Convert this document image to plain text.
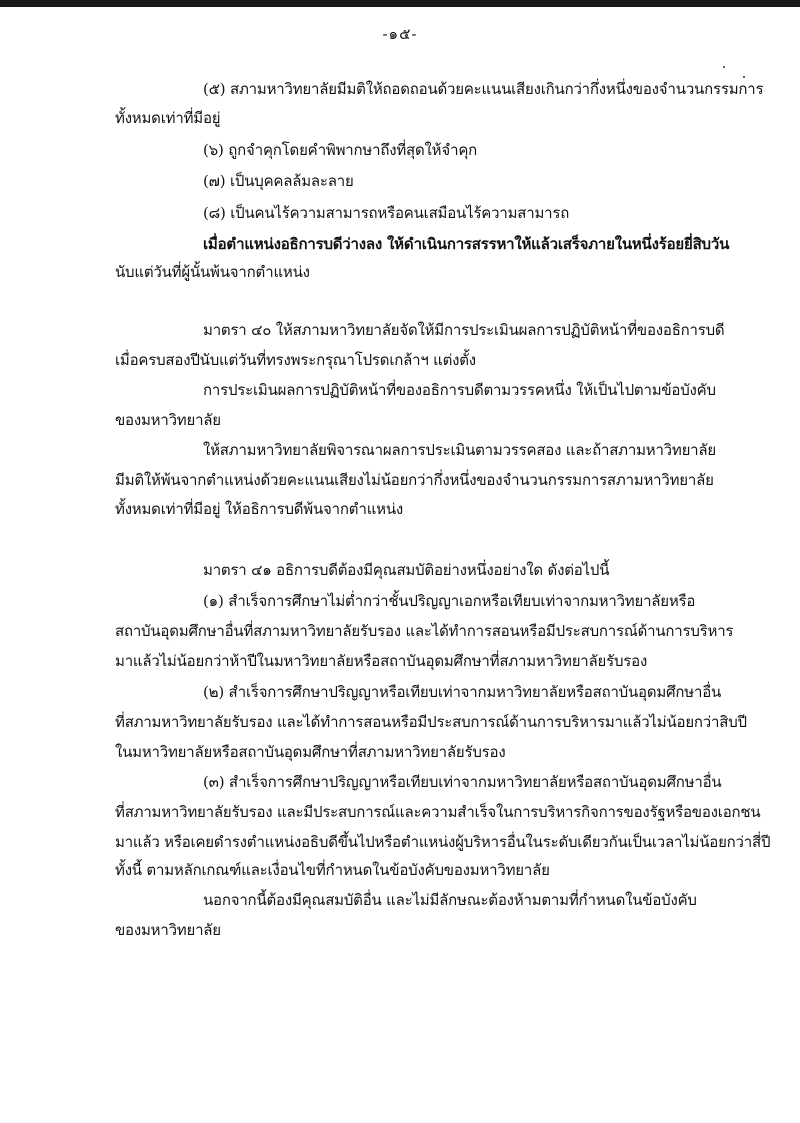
-๑๕-
(๕) สภามหาวิทยาลัยมีมติให้ถอดถอนด้วยคะแนนเสียงเกินกว่ากึ่งหนึ่งของจำนวนกรรมการ
ทั้งหมดเท่าที่มีอยู่
(๖) ถูกจำคุกโดยคำพิพากษาถึงที่สุดให้จำคุก
(๗) เป็นบุคคลล้มละลาย
(๘) เป็นคนไร้ความสามารถหรือคนเสมือนไร้ความสามารถ
เมื่อตำแหน่งอธิการบดีว่างลง ให้ดำเนินการสรรหาให้แล้วเสร็จภายในหนึ่งร้อยยี่สิบวัน
นับแต่วันที่ผู้นั้นพ้นจากตำแหน่ง
มาตรา ๔๐ ให้สภามหาวิทยาลัยจัดให้มีการประเมินผลการปฏิบัติหน้าที่ของอธิการบดี
เมื่อครบสองปีนับแต่วันที่ทรงพระกรุณาโปรดเกล้าฯ แต่งตั้ง
การประเมินผลการปฏิบัติหน้าที่ของอธิการบดีตามวรรคหนึ่ง ให้เป็นไปตามข้อบังคับ
ของมหาวิทยาลัย
ให้สภามหาวิทยาลัยพิจารณาผลการประเมินตามวรรคสอง และถ้าสภามหาวิทยาลัย
มีมติให้พ้นจากตำแหน่งด้วยคะแนนเสียงไม่น้อยกว่ากึ่งหนึ่งของจำนวนกรรมการสภามหาวิทยาลัย
ทั้งหมดเท่าที่มีอยู่ ให้อธิการบดีพ้นจากตำแหน่ง
มาตรา ๔๑ อธิการบดีต้องมีคุณสมบัติอย่างหนึ่งอย่างใด ดังต่อไปนี้
(๑) สำเร็จการศึกษาไม่ต่ำกว่าชั้นปริญญาเอกหรือเทียบเท่าจากมหาวิทยาลัยหรือ
สถาบันอุดมศึกษาอื่นที่สภามหาวิทยาลัยรับรอง และได้ทำการสอนหรือมีประสบการณ์ด้านการบริหาร
มาแล้วไม่น้อยกว่าห้าปีในมหาวิทยาลัยหรือสถาบันอุดมศึกษาที่สภามหาวิทยาลัยรับรอง
(๒) สำเร็จการศึกษาปริญญาหรือเทียบเท่าจากมหาวิทยาลัยหรือสถาบันอุดมศึกษาอื่น
ที่สภามหาวิทยาลัยรับรอง และได้ทำการสอนหรือมีประสบการณ์ด้านการบริหารมาแล้วไม่น้อยกว่าสิบปี
ในมหาวิทยาลัยหรือสถาบันอุดมศึกษาที่สภามหาวิทยาลัยรับรอง
(๓) สำเร็จการศึกษาปริญญาหรือเทียบเท่าจากมหาวิทยาลัยหรือสถาบันอุดมศึกษาอื่น
ที่สภามหาวิทยาลัยรับรอง และมีประสบการณ์และความสำเร็จในการบริหารกิจการของรัฐหรือของเอกชน
มาแล้ว หรือเคยดำรงตำแหน่งอธิบดีขึ้นไปหรือตำแหน่งผู้บริหารอื่นในระดับเดียวกันเป็นเวลาไม่น้อยกว่าสี่ปี
ทั้งนี้ ตามหลักเกณฑ์และเงื่อนไขที่กำหนดในข้อบังคับของมหาวิทยาลัย
นอกจากนี้ต้องมีคุณสมบัติอื่น และไม่มีลักษณะต้องห้ามตามที่กำหนดในข้อบังคับ
ของมหาวิทยาลัย
